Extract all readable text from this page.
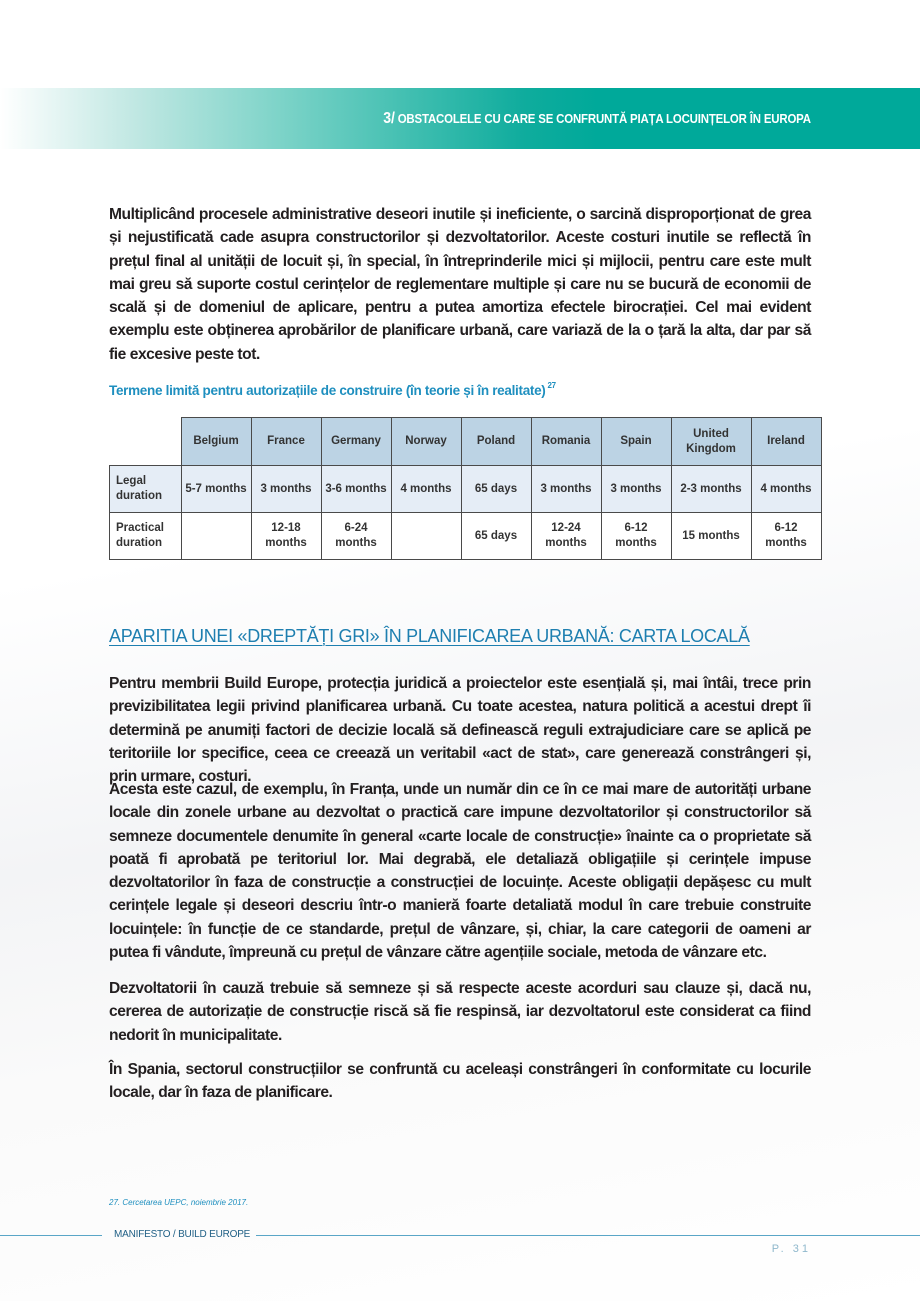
3/ OBSTACOLELE CU CARE SE CONFRUNTĂ PIAȚA LOCUINȚELOR ÎN EUROPA

Multiplicând procesele administrative deseori inutile și ineficiente, o sarcină disproporționat de grea și nejustificată cade asupra constructorilor și dezvoltatorilor. Aceste costuri inutile se reflectă în prețul final al unității de locuit și, în special, în întreprinderile mici și mijlocii, pentru care este mult mai greu să suporte costul cerințelor de reglementare multiple și care nu se bucură de economii de scală și de domeniul de aplicare, pentru a putea amortiza efectele birocrației. Cel mai evident exemplu este obținerea aprobărilor de planificare urbană, care variază de la o țară la alta, dar par să fie excesive peste tot.

Termene limită pentru autorizațiile de construire (în teorie și în realitate) $^{27}$
	Belgium	France	Germany	Norway	Poland	Romania	Spain	United Kingdom	Ireland
Legal duration	5-7 months	3 months	3-6 months	4 months	65 days	3 months	3 months	2-3 months	4 months
Practical duration		12-18 months	6-24 months		65 days	12-24 months	6-12 months	15 months	6-12 months
APARITIA UNEI «DREPTĂȚI GRI» ÎN PLANIFICAREA URBANĂ: CARTA LOCALĂ

Pentru membrii Build Europe, protecția juridică a proiectelor este esențială și, mai întâi, trece prin previzibilitatea legii privind planificarea urbană. Cu toate acestea, natura politică a acestui drept îi determină pe anumiți factori de decizie locală să definească reguli extrajudiciare care se aplică pe teritoriile lor specifice, ceea ce creează un veritabil «act de stat», care generează constrângeri și, prin urmare, costuri.

Acesta este cazul, de exemplu, în Franța, unde un număr din ce în ce mai mare de autorități urbane locale din zonele urbane au dezvoltat o practică care impune dezvoltatorilor și constructorilor să semneze documentele denumite în general «carte locale de construcție» înainte ca o proprietate să poată fi aprobată pe teritoriul lor. Mai degrabă, ele detaliază obligațiile și cerințele impuse dezvoltatorilor în faza de construcție a construcției de locuințe. Aceste obligații depășesc cu mult cerințele legale și deseori descriu într-o manieră foarte detaliată modul în care trebuie construite locuințele: în funcție de ce standarde, prețul de vânzare, și, chiar, la care categorii de oameni ar putea fi vândute, împreună cu prețul de vânzare către agențiile sociale, metoda de vânzare etc.

Dezvoltatorii în cauză trebuie să semneze și să respecte aceste acorduri sau clauze și, dacă nu, cererea de autorizație de construcție riscă să fie respinsă, iar dezvoltatorul este considerat ca fiind nedorit în municipalitate.

În Spania, sectorul construcțiilor se confruntă cu aceleași constrângeri în conformitate cu locurile locale, dar în faza de planificare.

27. Cercetarea UEPC, noiembrie 2017.
MANIFESTO / BUILD EUROPE
P. 31
